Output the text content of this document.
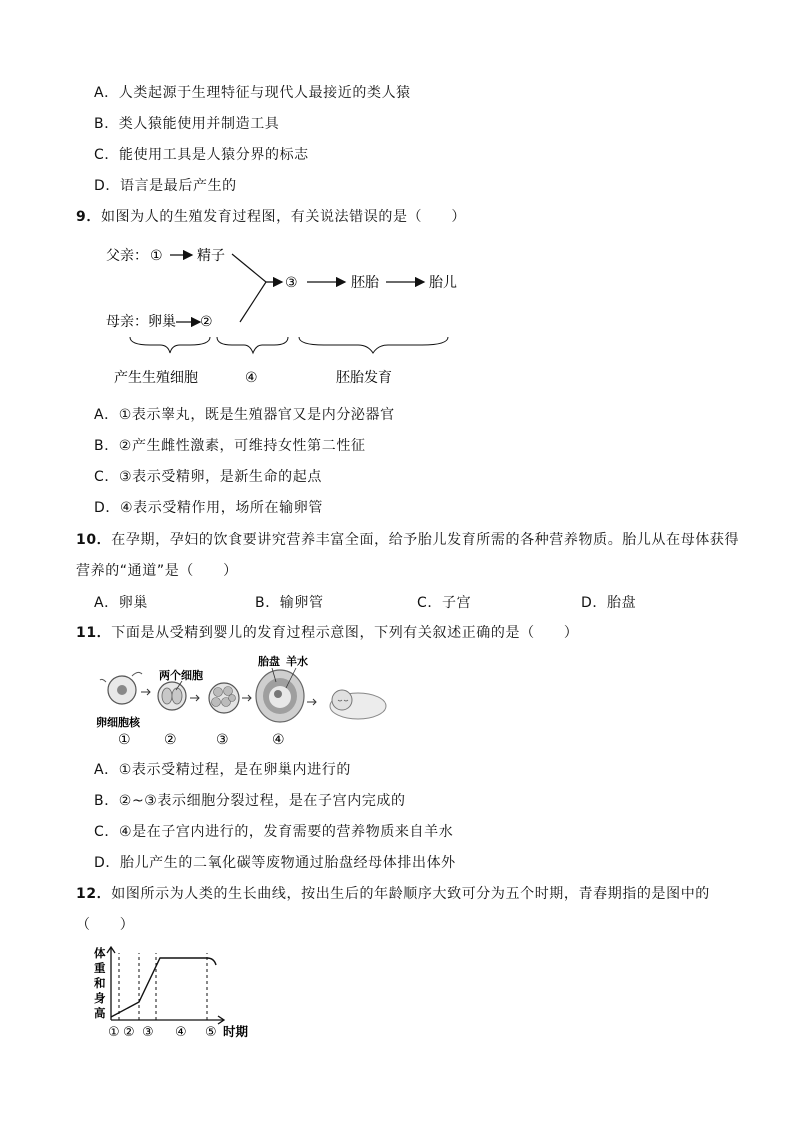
A．人类起源于生理特征与现代人最接近的类人猿
B．类人猿能使用并制造工具
C．能使用工具是人猿分界的标志
D．语言是最后产生的
9．如图为人的生殖发育过程图，有关说法错误的是（　　）
父亲： ① 精子
母亲： 卵巢 ②
③	胚胎	胎儿
产生生殖细胞	④	胚胎发育
A．①表示睾丸，既是生殖器官又是内分泌器官
B．②产生雌性激素，可维持女性第二性征
C．③表示受精卵，是新生命的起点
D．④表示受精作用，场所在输卵管
10．在孕期，孕妇的饮食要讲究营养丰富全面，给予胎儿发育所需的各种营养物质。胎儿从在母体获得
营养的“通道”是（　　）
A．卵巢	B．输卵管	C．子宫	D．胎盘
11．下面是从受精到婴儿的发育过程示意图，下列有关叙述正确的是（　　）
卵细胞核
两个细胞
胎盘 羊水
① ②	③	④
A．①表示受精过程，是在卵巢内进行的
B．②~③表示细胞分裂过程，是在子宫内完成的
C．④是在子宫内进行的，发育需要的营养物质来自羊水
D．胎儿产生的二氧化碳等废物通过胎盘经母体排出体外
12．如图所示为人类的生长曲线，按出生后的年龄顺序大致可分为五个时期，青春期指的是图中的
（　　）
体
重
和
身
高
① ② ③ ④ ⑤ 时期
